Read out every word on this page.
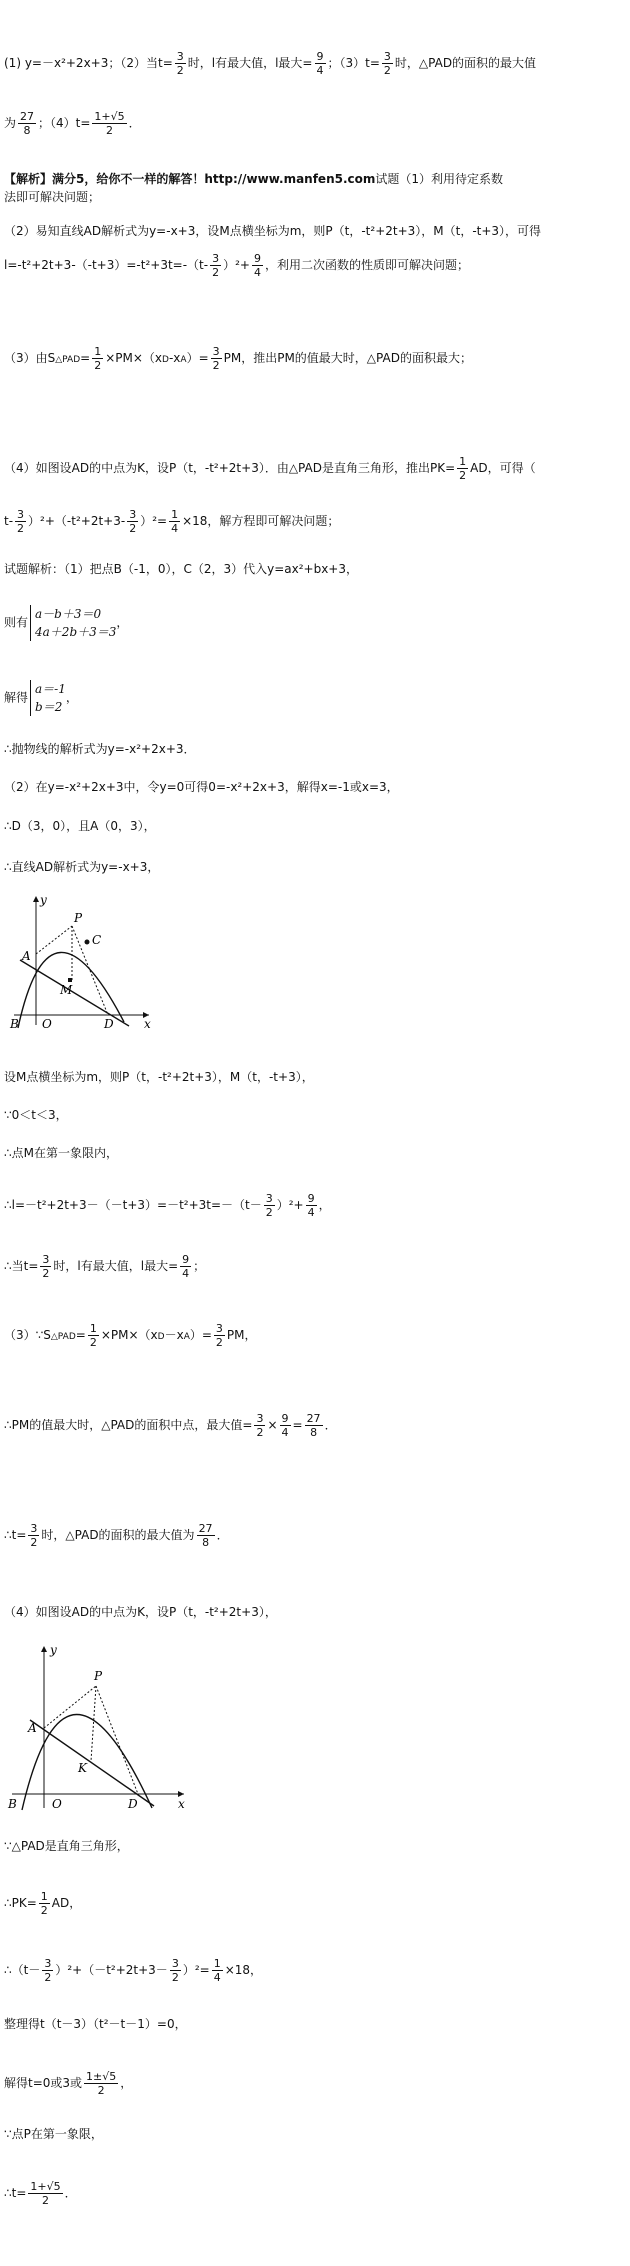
(1) y=－x²+2x+3；（2）当$t= \frac{3}{2}$ 时，l有最大值，l最大= $\frac{9}{4}$ ；$(3)t= \frac{3}{2}$ 时，△PAD的面积的最大值
为 $\frac{27}{8}$ ；$(4)t= \frac{1+√5}{2}$ ．
【解析】满分5，给你不一样的解答！http://www.manfen5.com试题（1）利用待定系数
法即可解决问题；
（2）易知直线AD解析式为y=-x+3，设M点横坐标为m，则P（t，-t²+2t+3），M（t，-t+3），可得
$l=-t^2+2t+3-(-t+3)=-t^2+3t=-(t- \frac{3}{2} )^2+ \frac{9}{4}$ ，利用二次函数的性质即可解决问题；
（3）由S△PAD= $\frac{1}{2} \times PM\times(xD-xA)= \frac{3}{2}$ PM，推出PM的值最大时，△PAD的面积最大；
（4）如图设AD的中点为K，设P（t，-t²+2t+3）．由△PAD是直角三角形，推出$PK= \frac{1}{2}$ AD，可得（
$t- \frac{3}{2} )^2+(-t^2+2t+3- \frac{3}{2} )^2= \frac{1}{4} \times 18$，解方程即可解决问题；
试题解析：（1）把点B（-1，0），C（2，3）代入y=ax²+bx+3，
则有
a－b＋3＝0
4a＋2b＋3＝3
，
解得
a＝-1
b＝2
，
∴抛物线的解析式为y=-x²+2x+3．
（2）在y=-x²+2x+3中，令y=0可得0=-x²+2x+3，解得x=-1或x=3，
∴D（3，0），且A（0，3），
∴直线AD解析式为y=-x+3，
y
x
A
P
C
M
B O	D
设M点横坐标为m，则P（t，-t²+2t+3），M（t，-t+3），
∵0＜t＜3，
∴点M在第一象限内，
∴l=－t²+2t+3－（－t+3）=－t²+3t=－（t－ $\frac{3}{2} )^2+ \frac{9}{4}$ ，
∴当$t= \frac{3}{2}$ 时，l有最大值，l最大= $\frac{9}{4}$ ；
（3）∵S△PAD= $\frac{1}{2} \times PM\times(xD-xA)= \frac{3}{2}$ PM，
∴PM的值最大时，△PAD的面积中点，最大值= $\frac{3}{2} \times \frac{9}{4} = \frac{27}{8}$ ．
∴t= $\frac{3}{2}$ 时，△PAD的面积的最大值为 $\frac{27}{8}$ ．
（4）如图设AD的中点为K，设P（t，-t²+2t+3），
y
x
A
P
K
B	O	D
∵△PAD是直角三角形，
∴PK= $\frac{1}{2}$ AD，
∴（t－ $\frac{3}{2} )^2+(-t^2+2t+3- \frac{3}{2} )^2= \frac{1}{4} \times 18$，
整理得t（t－3）（t²－t－1）=0，
解得t=0或3或 $\frac{1\pm√5}{2}$ ，
∵点P在第一象限，
∴t= $\frac{1+√5}{2}$ ．
